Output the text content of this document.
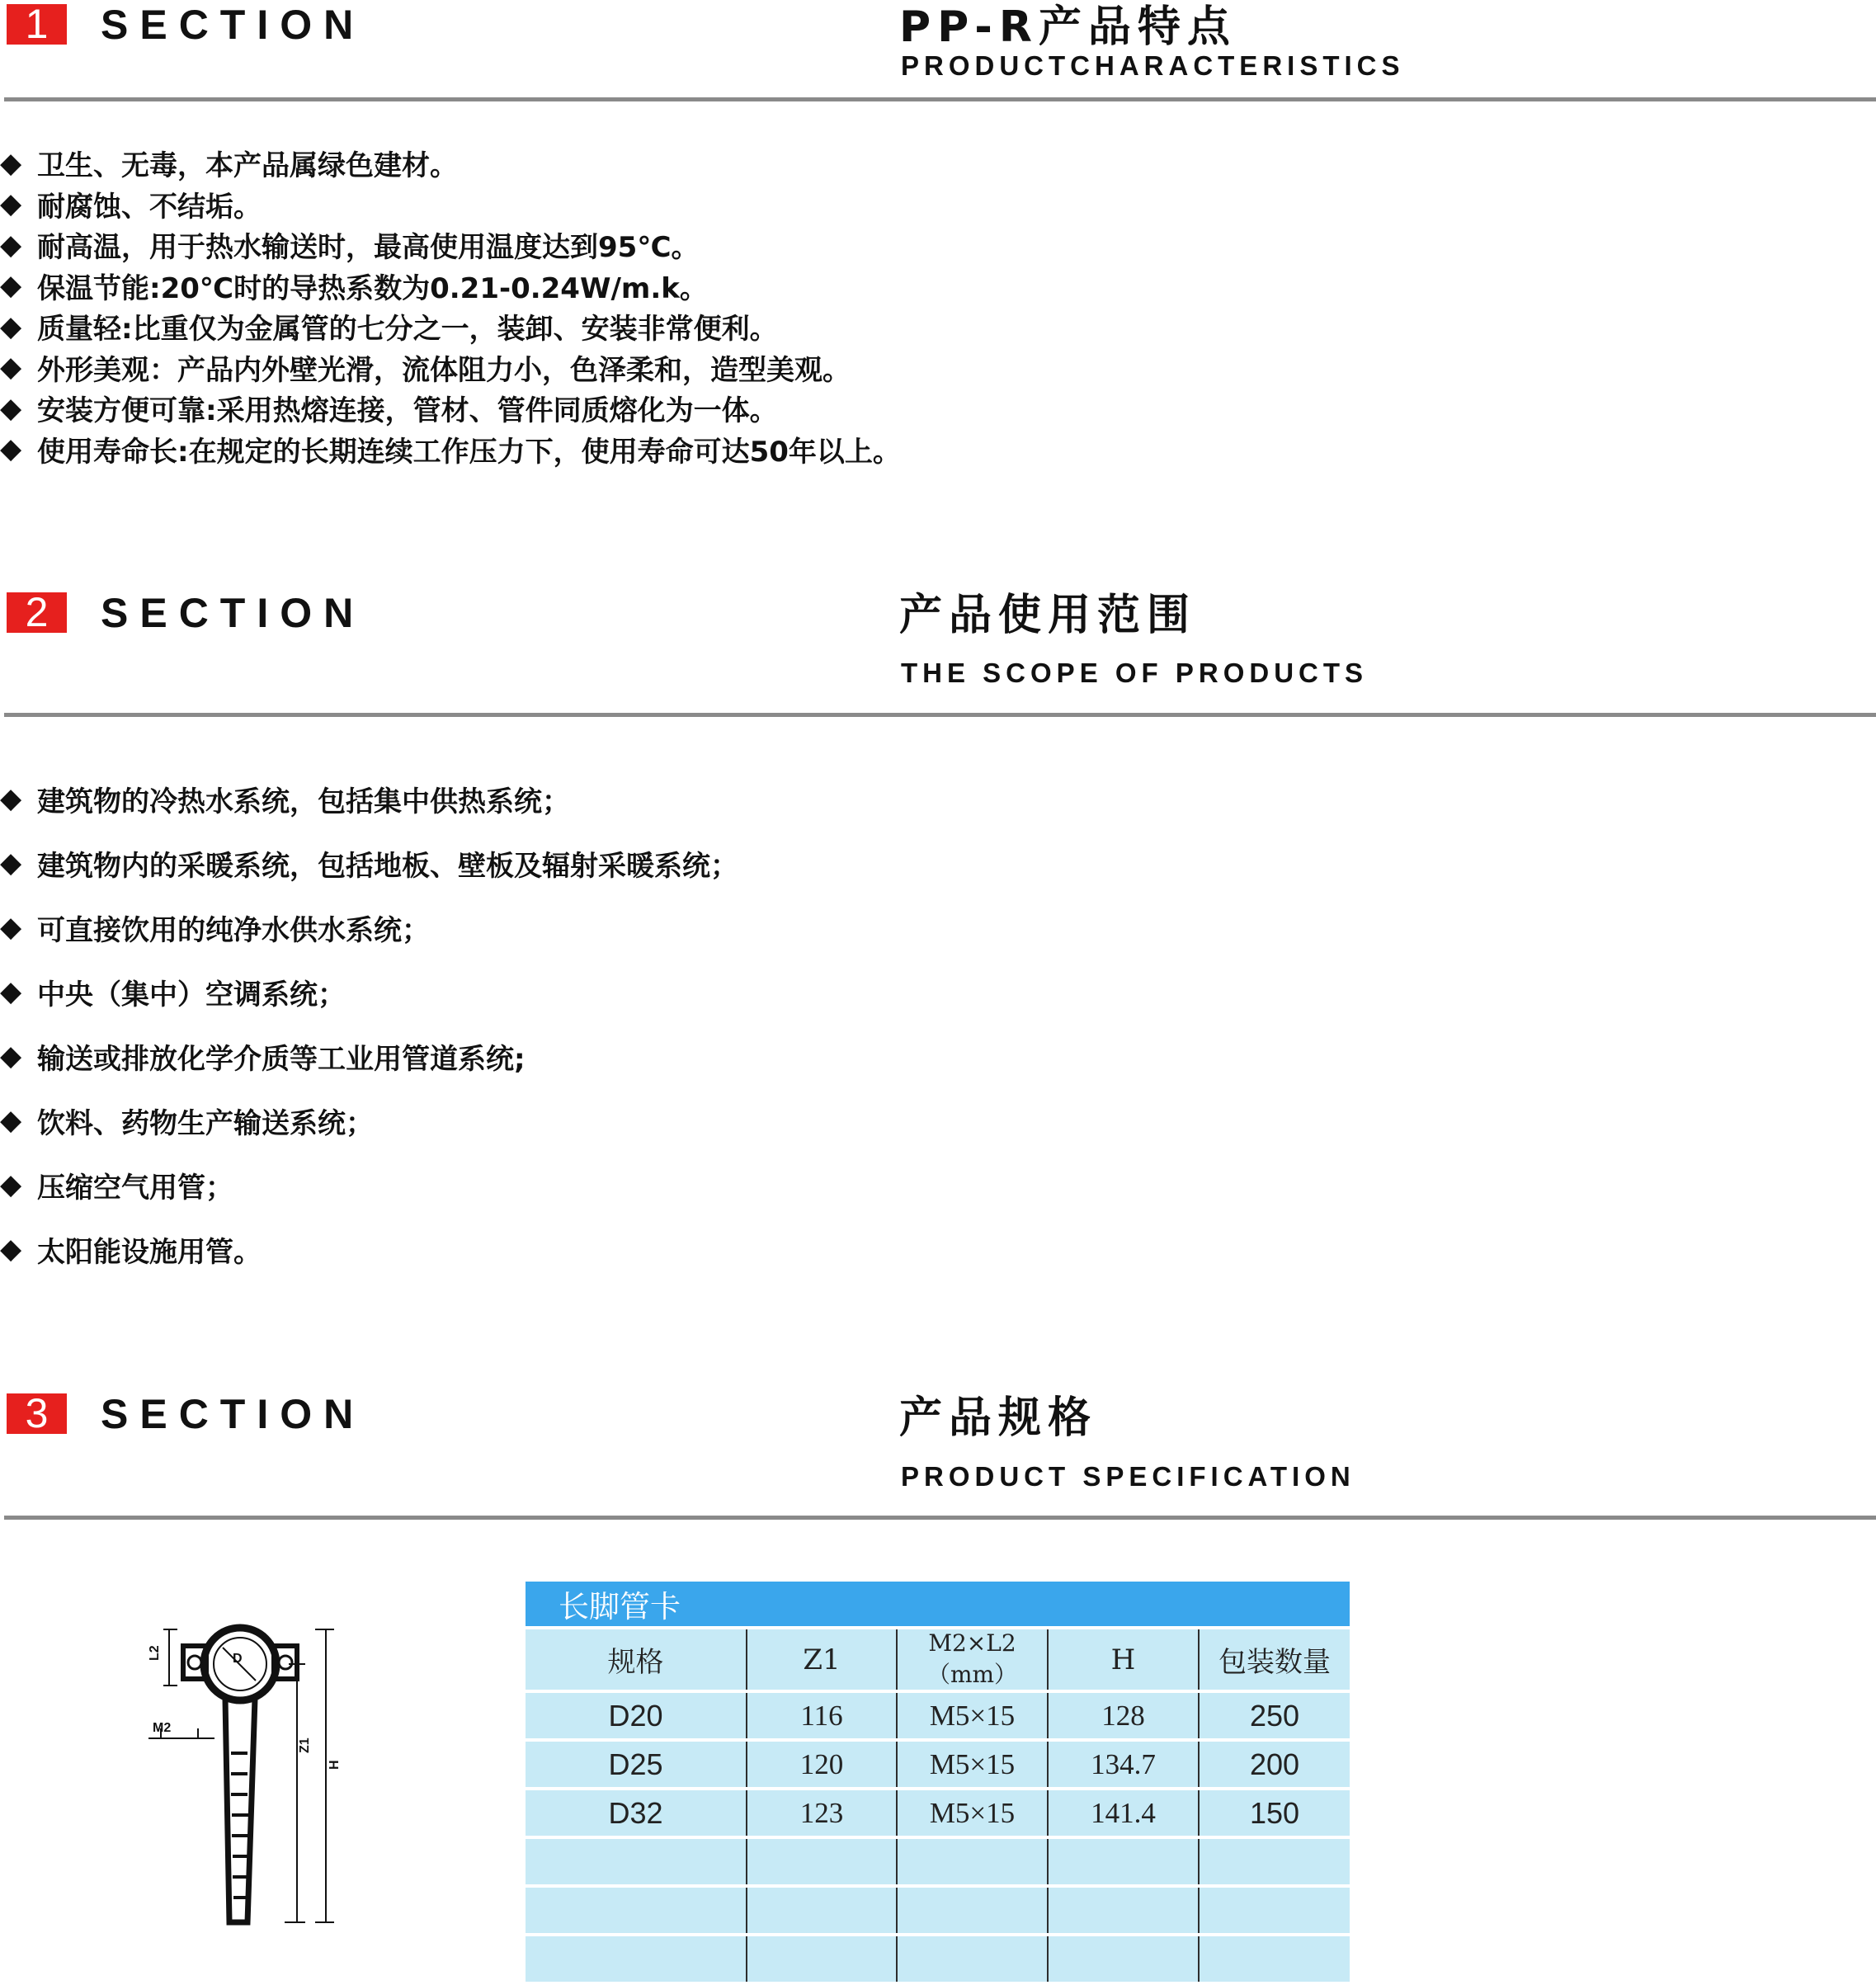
1	SECTION	PP-R产品特点
PRODUCTCHARACTERISTICS
◆ 卫生、无毒，本产品属绿色建材。
◆ 耐腐蚀、不结垢。
◆ 耐高温，用于热水输送时，最高使用温度达到95℃。
◆ 保温节能:20℃时的导热系数为0.21-0.24W/m.k。
◆ 质量轻:比重仅为金属管的七分之一，装卸、安装非常便利。
◆ 外形美观：产品内外壁光滑，流体阻力小，色泽柔和，造型美观。
◆ 安装方便可靠:采用热熔连接，管材、管件同质熔化为一体。
◆ 使用寿命长:在规定的长期连续工作压力下，使用寿命可达50年以上。
2	SECTION	产品使用范围
THE SCOPE OF PRODUCTS
◆ 建筑物的冷热水系统，包括集中供热系统；
◆ 建筑物内的采暖系统，包括地板、壁板及辐射采暖系统；
◆ 可直接饮用的纯净水供水系统；
◆ 中央（集中）空调系统；
◆ 输送或排放化学介质等工业用管道系统;
◆ 饮料、药物生产输送系统；
◆ 压缩空气用管；
◆ 太阳能设施用管。
3	SECTION	产品规格
PRODUCT SPECIFICATION
L2	D
M2
Z1
H
长脚管卡				
规格	Z1	M2×L2（mm）	H	包装数量
D20	116	M5×15	128	250
D25	120	M5×15	134.7	200
D32	123	M5×15	141.4	150
